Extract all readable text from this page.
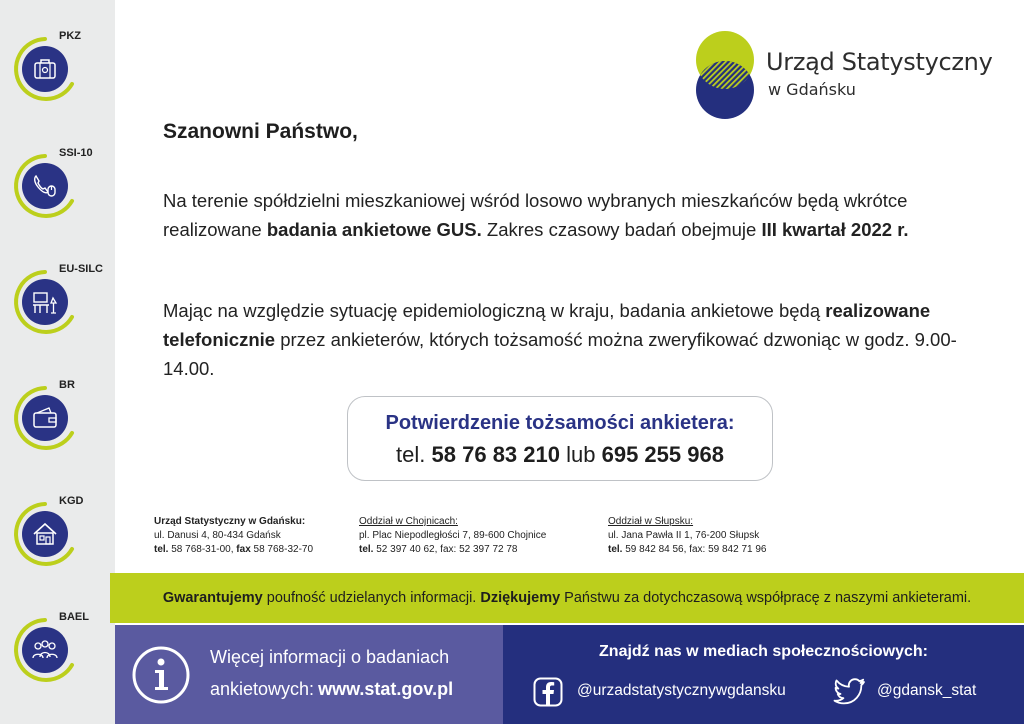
PKZ
SSI-10
EU-SILC
BR
KGD
BAEL
Urząd Statystyczny
w Gdańsku
Szanowni Państwo,
Na terenie spółdzielni mieszkaniowej wśród losowo wybranych mieszkańców będą wkrótce realizowane badania ankietowe GUS. Zakres czasowy badań obejmuje III kwartał 2022 r.
Mając na względzie sytuację epidemiologiczną w kraju, badania ankietowe będą realizowane telefonicznie przez ankieterów, których tożsamość można zweryfikować dzwoniąc w godz. 9.00-14.00.
Potwierdzenie tożsamości ankietera:
tel. 58 76 83 210 lub 695 255 968
Urząd Statystyczny w Gdańsku:
ul. Danusi 4, 80-434 Gdańsk
tel. 58 768-31-00, fax 58 768-32-70
Oddział w Chojnicach:
pl. Plac Niepodległości 7, 89-600 Chojnice
tel. 52 397 40 62, fax: 52 397 72 78
Oddział w Słupsku:
ul. Jana Pawła II 1, 76-200 Słupsk
tel. 59 842 84 56, fax: 59 842 71 96
Gwarantujemy poufność udzielanych informacji. Dziękujemy Państwu za dotychczasową współpracę z naszymi ankieterami.
Więcej informacji o badaniach
ankietowych: www.stat.gov.pl
Znajdź nas w mediach społecznościowych:
@urzadstatystycznywgdansku	@gdansk_stat
